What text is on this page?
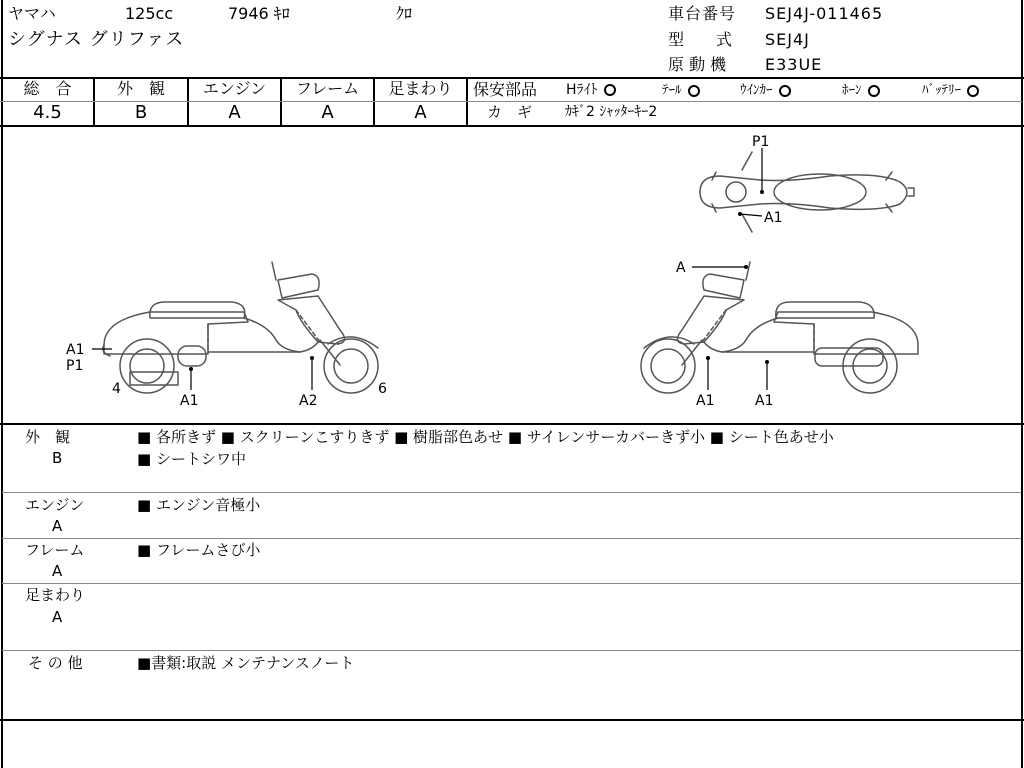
ヤマハ	125cc	7946 ｷﾛ	ｸﾛ
シグナス グリファス
車台番号 SEJ4J-011465
型　　式 SEJ4J
原 動 機 E33UE
総　合	外　観	エンジン	フレーム	足まわり
4.5	B	A	A	A
保安部品 Hﾗｲﾄ	ﾃｰﾙ	ｳｲﾝｶｰ	ﾎｰﾝ	ﾊﾞｯﾃﾘｰ
カ　ギ ｶｷﾞ2 ｼｬｯﾀｰｷｰ2
A1
P1
4
A1	A2
6
A
A1	A1
P1
A1
外　観
B
■ 各所きず ■ スクリーンこすりきず ■ 樹脂部色あせ ■ サイレンサーカバーきず小 ■ シート色あせ小
■ シートシワ中
エンジン
A
■ エンジン音極小
フレーム
A
■ フレームさび小
足まわり
A
そ の 他	■書類:取説 メンテナンスノート
